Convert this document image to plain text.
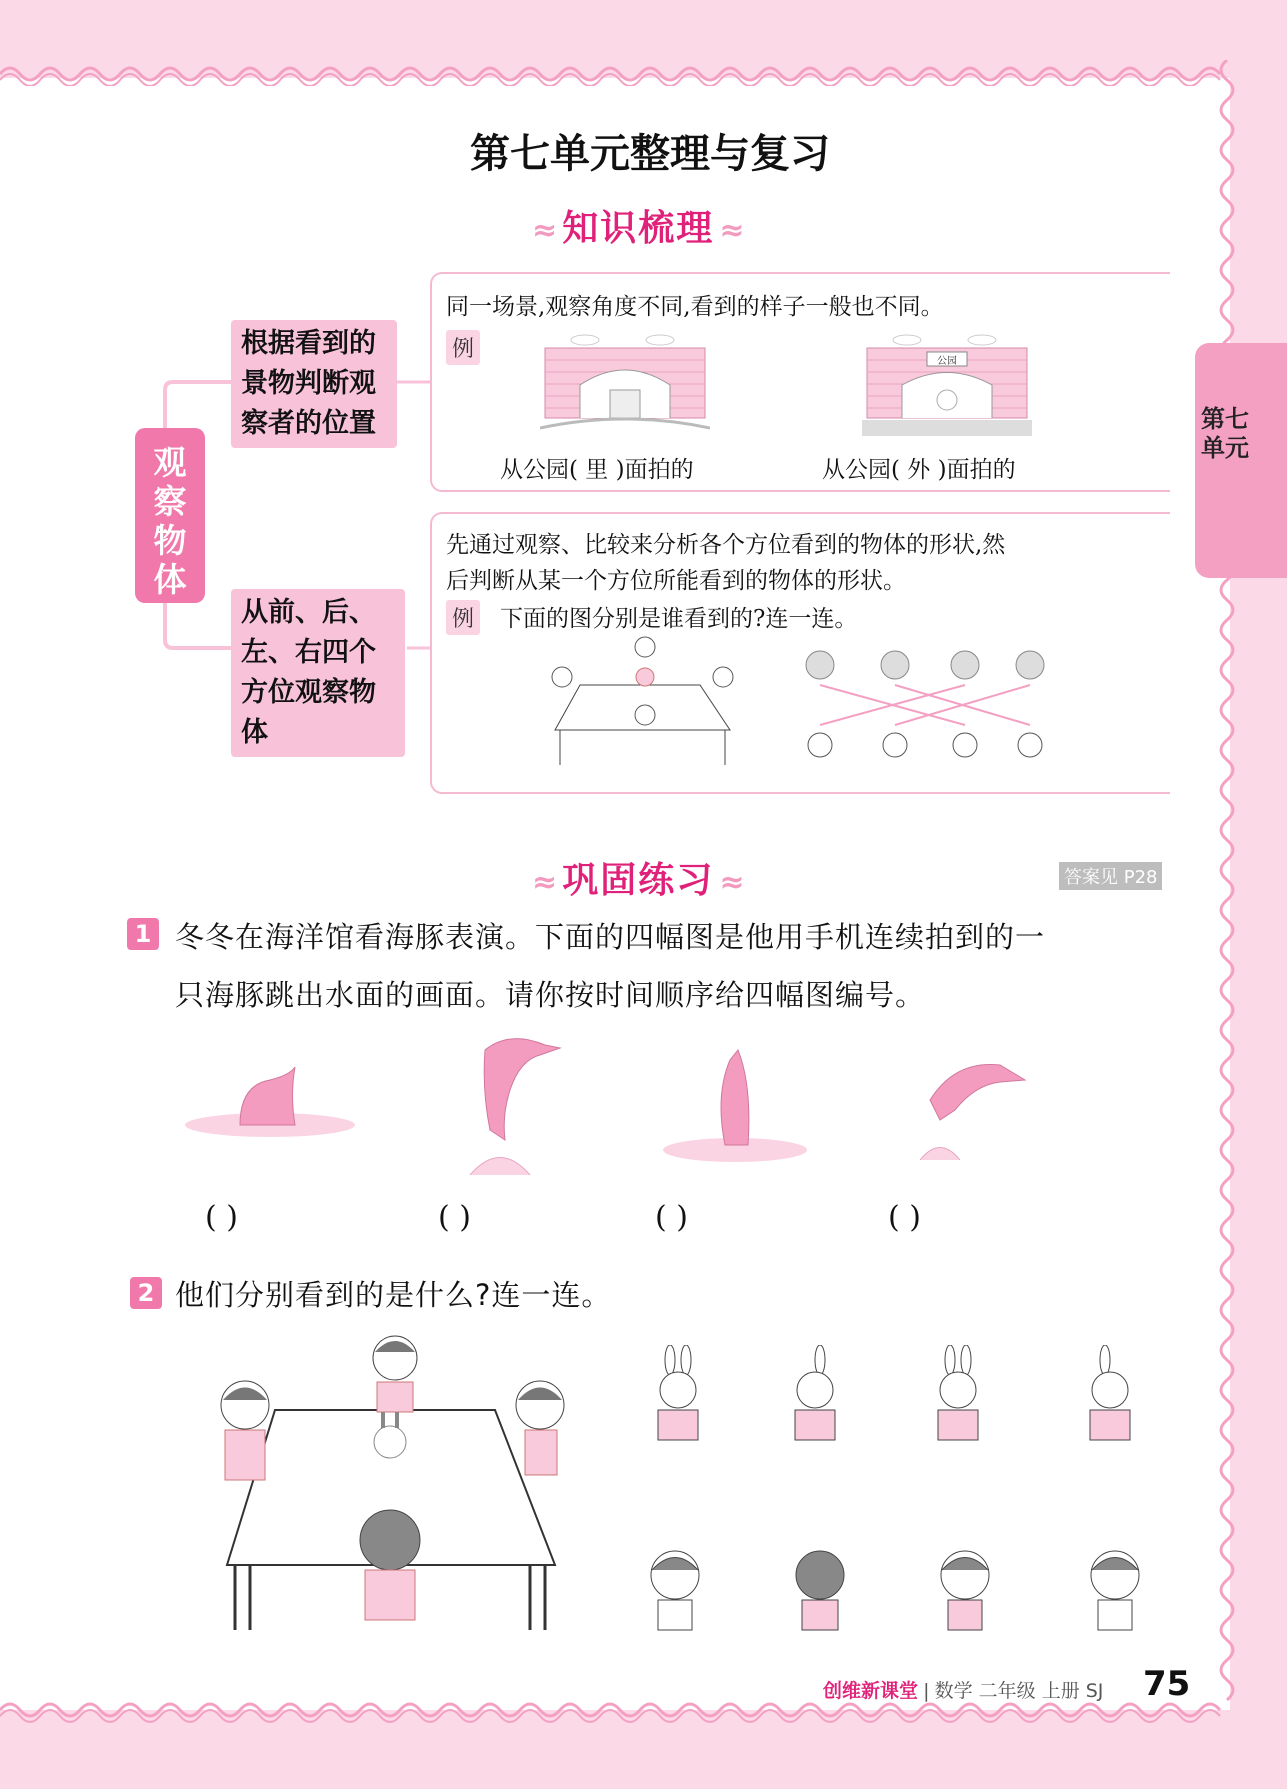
第七单元整理与复习
第七单元
≈ 知识梳理 ≈
观察物体
根据看到的景物判断观察者的位置
从前、后、左、右四个方位观察物体
同一场景,观察角度不同,看到的样子一般也不同。
例	公园
从公园( 里 )面拍的	从公园( 外 )面拍的
先通过观察、比较来分析各个方位看到的物体的形状,然
后判断从某一个方位所能看到的物体的形状。
例 下面的图分别是谁看到的?连一连。
≈ 巩固练习 ≈	答案见 P28
1 冬冬在海洋馆看海豚表演。下面的四幅图是他用手机连续拍到的一
只海豚跳出水面的画面。请你按时间顺序给四幅图编号。
( )	( )	( )	( )
2 他们分别看到的是什么?连一连。
创维新课堂 | 数学 二年级 上册 SJ 75
